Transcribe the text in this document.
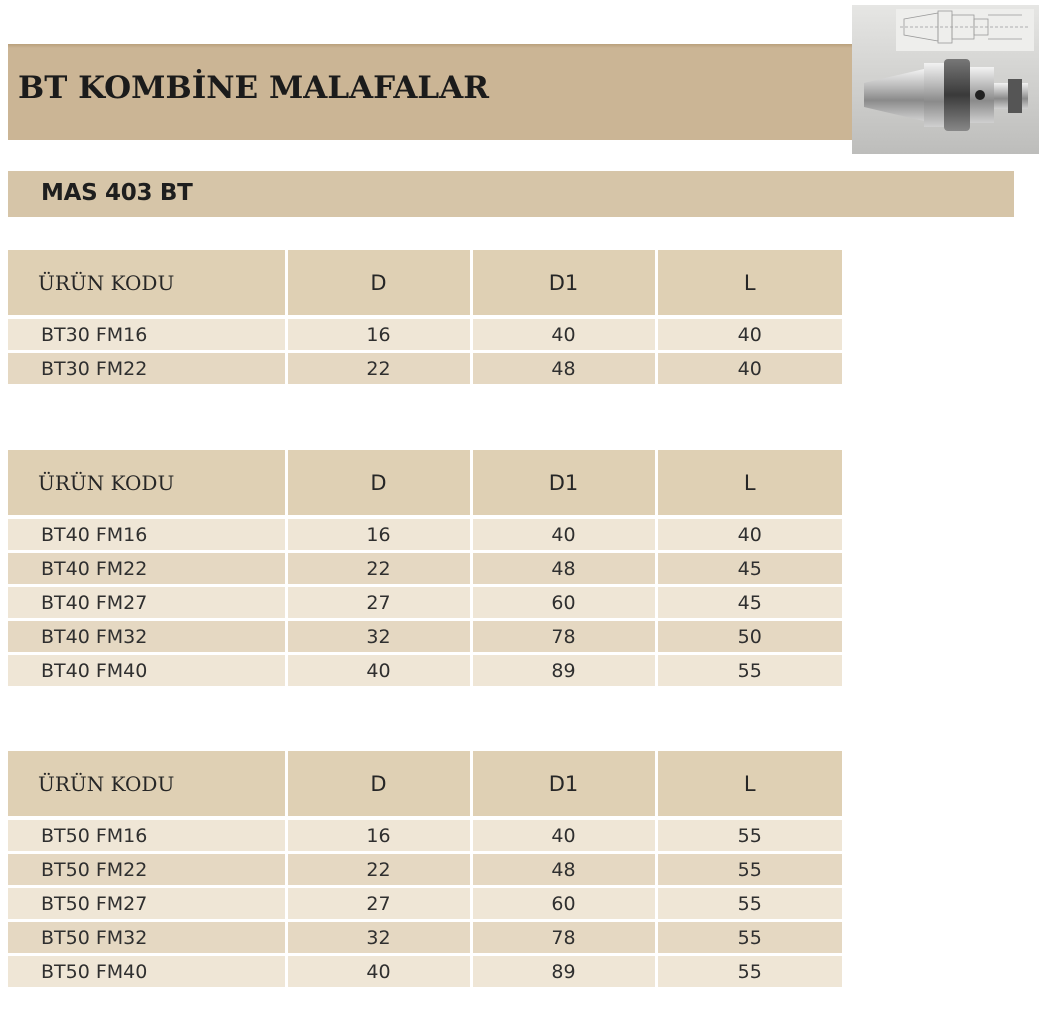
BT KOMBİNE MALAFALAR
MAS 403 BT
ÜRÜN KODU	D	D1	L
BT30 FM16	16	40	40
BT30 FM22	22	48	40
ÜRÜN KODU	D	D1	L
BT40 FM16	16	40	40
BT40 FM22	22	48	45
BT40 FM27	27	60	45
BT40 FM32	32	78	50
BT40 FM40	40	89	55
ÜRÜN KODU	D	D1	L
BT50 FM16	16	40	55
BT50 FM22	22	48	55
BT50 FM27	27	60	55
BT50 FM32	32	78	55
BT50 FM40	40	89	55
